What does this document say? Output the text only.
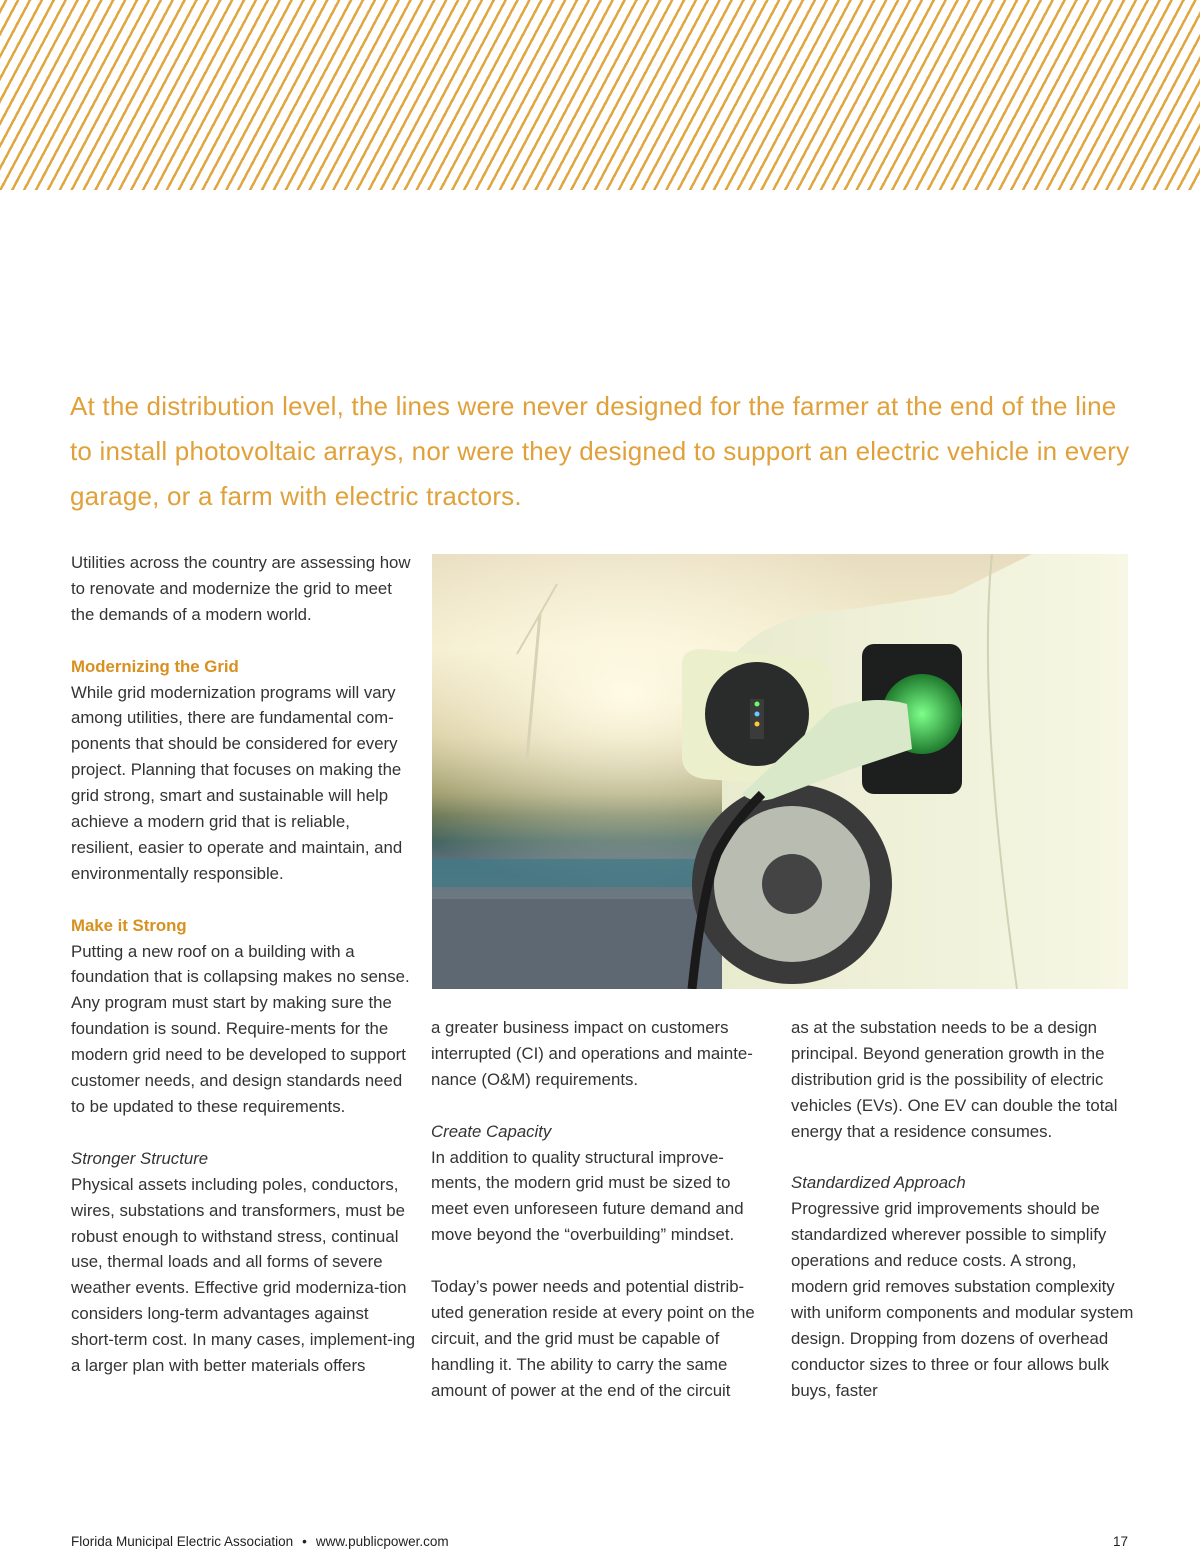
At the distribution level, the lines were never designed for the farmer at the end of the line to install photovoltaic arrays, nor were they designed to support an electric vehicle in every garage, or a farm with electric tractors.

Utilities across the country are assessing how to renovate and modernize the grid to meet the demands of a modern world.

Modernizing the Grid

While grid modernization programs will vary among utilities, there are fundamental com-ponents that should be considered for every project. Planning that focuses on making the grid strong, smart and sustainable will help achieve a modern grid that is reliable, resilient, easier to operate and maintain, and environmentally responsible.

Make it Strong

Putting a new roof on a building with a foundation that is collapsing makes no sense. Any program must start by making sure the foundation is sound. Require-ments for the modern grid need to be developed to support customer needs, and design standards need to be updated to these requirements.

Stronger Structure

Physical assets including poles, conductors, wires, substations and transformers, must be robust enough to withstand stress, continual use, thermal loads and all forms of severe weather events. Effective grid moderniza-tion considers long-term advantages against short-term cost. In many cases, implement-ing a larger plan with better materials offers

a greater business impact on customers interrupted (CI) and operations and mainte-nance (O&M) requirements.

Create Capacity

In addition to quality structural improve-ments, the modern grid must be sized to meet even unforeseen future demand and move beyond the “overbuilding” mindset.

Today’s power needs and potential distrib-uted generation reside at every point on the circuit, and the grid must be capable of handling it. The ability to carry the same amount of power at the end of the circuit

as at the substation needs to be a design principal. Beyond generation growth in the distribution grid is the possibility of electric vehicles (EVs). One EV can double the total energy that a residence consumes.

Standardized Approach

Progressive grid improvements should be standardized wherever possible to simplify operations and reduce costs. A strong, modern grid removes substation complexity with uniform components and modular system design. Dropping from dozens of overhead conductor sizes to three or four allows bulk buys, faster

Florida Municipal Electric Association • www.publicpower.com	17
